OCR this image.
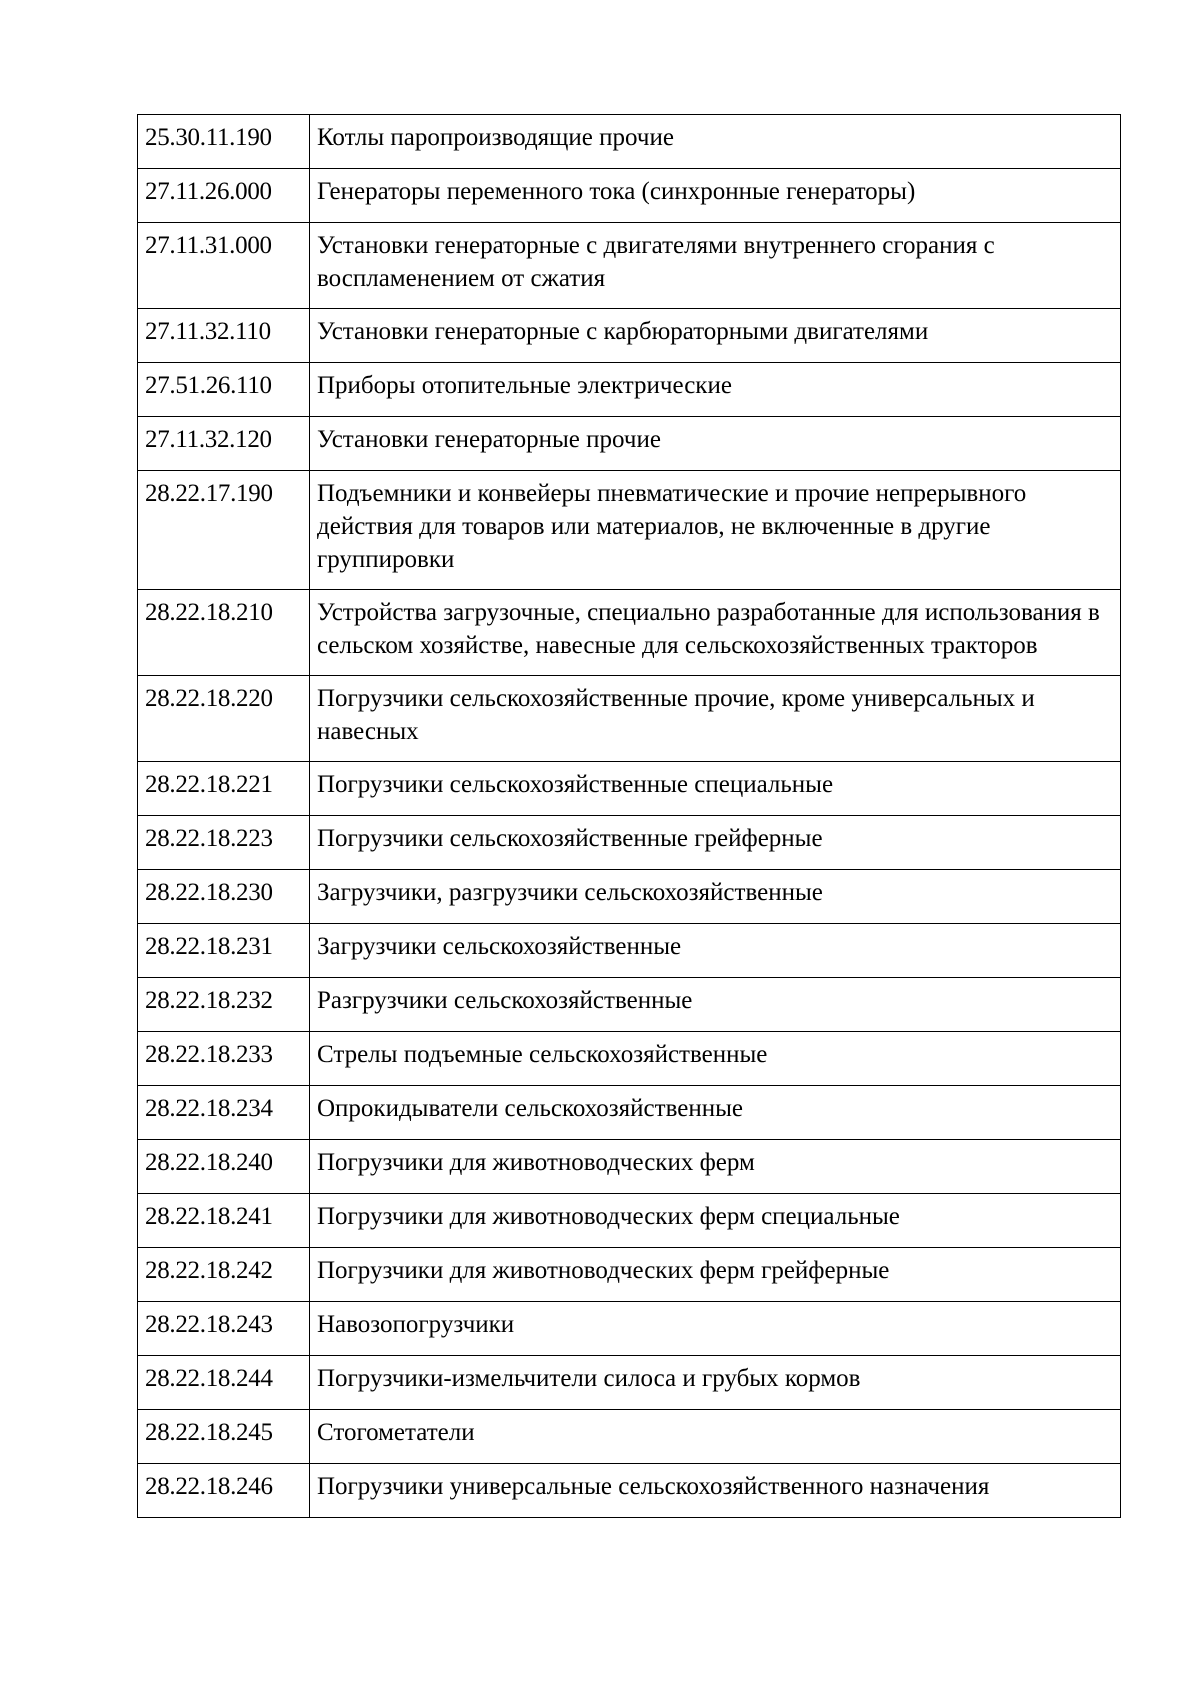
25.30.11.190	Котлы паропроизводящие прочие
27.11.26.000	Генераторы переменного тока (синхронные генераторы)
27.11.31.000	Установки генераторные с двигателями внутреннего сгорания с воспламенением от сжатия
27.11.32.110	Установки генераторные с карбюраторными двигателями
27.51.26.110	Приборы отопительные электрические
27.11.32.120	Установки генераторные прочие
28.22.17.190	Подъемники и конвейеры пневматические и прочие непрерывного действия для товаров или материалов, не включенные в другие группировки
28.22.18.210	Устройства загрузочные, специально разработанные для использования в сельском хозяйстве, навесные для сельскохозяйственных тракторов
28.22.18.220	Погрузчики сельскохозяйственные прочие, кроме универсальных и навесных
28.22.18.221	Погрузчики сельскохозяйственные специальные
28.22.18.223	Погрузчики сельскохозяйственные грейферные
28.22.18.230	Загрузчики, разгрузчики сельскохозяйственные
28.22.18.231	Загрузчики сельскохозяйственные
28.22.18.232	Разгрузчики сельскохозяйственные
28.22.18.233	Стрелы подъемные сельскохозяйственные
28.22.18.234	Опрокидыватели сельскохозяйственные
28.22.18.240	Погрузчики для животноводческих ферм
28.22.18.241	Погрузчики для животноводческих ферм специальные
28.22.18.242	Погрузчики для животноводческих ферм грейферные
28.22.18.243	Навозопогрузчики
28.22.18.244	Погрузчики-измельчители силоса и грубых кормов
28.22.18.245	Стогометатели
28.22.18.246	Погрузчики универсальные сельскохозяйственного назначения
